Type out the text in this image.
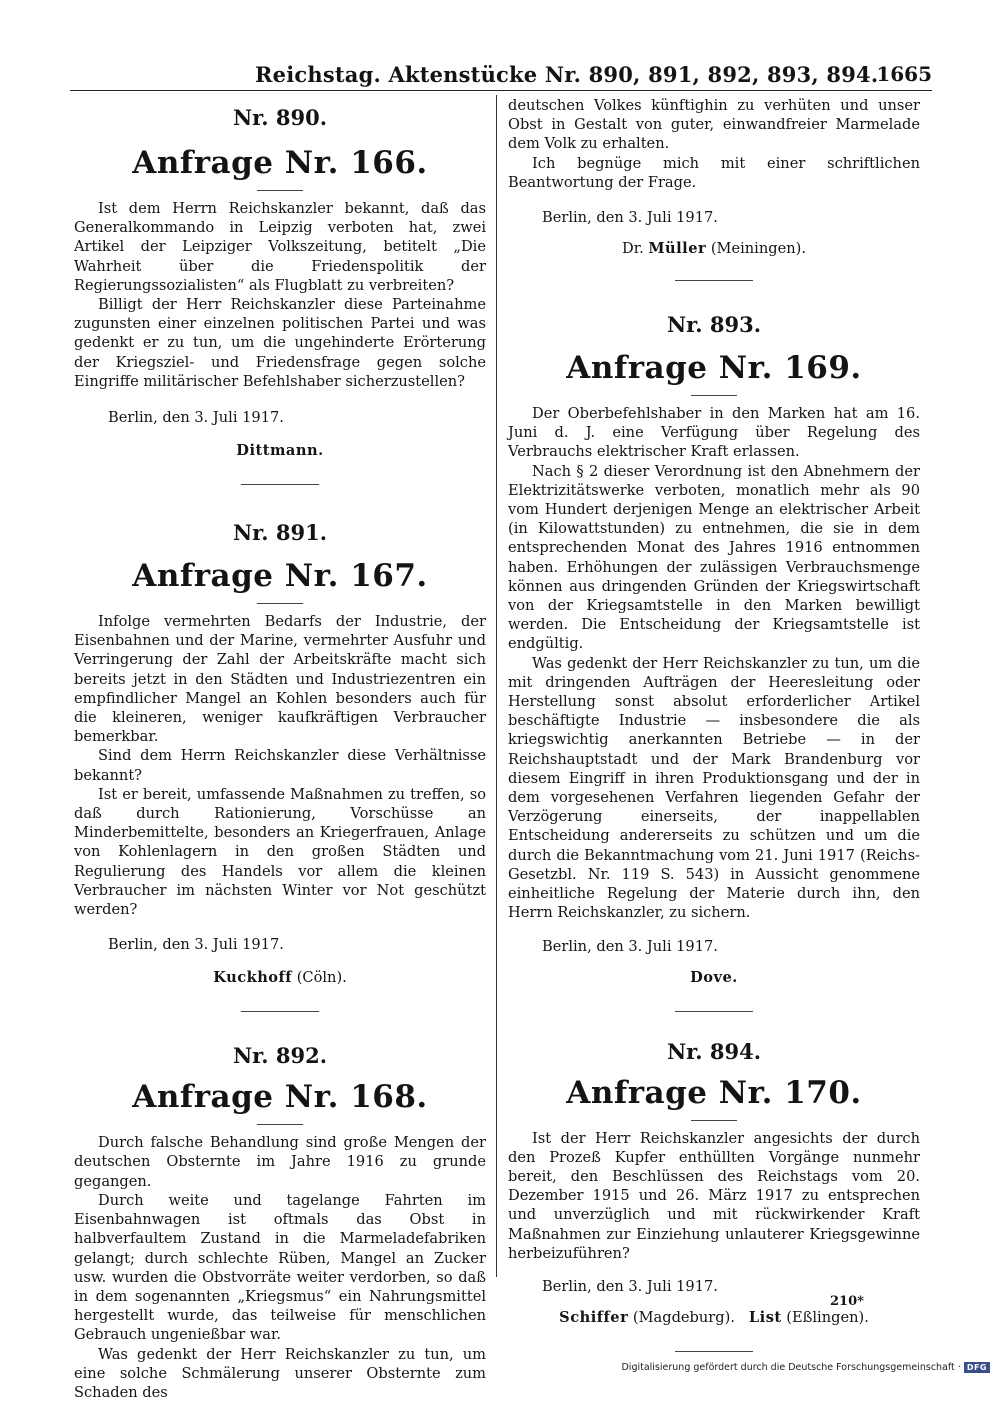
Reichstag. Aktenstücke Nr. 890, 891, 892, 893, 894.
1665
Nr. 890.
Anfrage Nr. 166.

Ist dem Herrn Reichskanzler bekannt, daß das Generalkommando in Leipzig verboten hat, zwei Artikel der Leipziger Volkszeitung, betitelt „Die Wahrheit über die Friedenspolitik der Regierungssozialisten“ als Flugblatt zu verbreiten?

Billigt der Herr Reichskanzler diese Parteinahme zugunsten einer einzelnen politischen Partei und was gedenkt er zu tun, um die ungehinderte Erörterung der Kriegsziel- und Friedensfrage gegen solche Eingriffe militärischer Befehlshaber sicherzustellen?

Berlin, den 3. Juli 1917.
Dittmann.
Nr. 891.
Anfrage Nr. 167.

Infolge vermehrten Bedarfs der Industrie, der Eisenbahnen und der Marine, vermehrter Ausfuhr und Verringerung der Zahl der Arbeitskräfte macht sich bereits jetzt in den Städten und Industriezentren ein empfindlicher Mangel an Kohlen besonders auch für die kleineren, weniger kaufkräftigen Verbraucher bemerkbar.

Sind dem Herrn Reichskanzler diese Verhältnisse bekannt?

Ist er bereit, umfassende Maßnahmen zu treffen, so daß durch Rationierung, Vorschüsse an Minderbemittelte, besonders an Kriegerfrauen, Anlage von Kohlenlagern in den großen Städten und Regulierung des Handels vor allem die kleinen Verbraucher im nächsten Winter vor Not geschützt werden?

Berlin, den 3. Juli 1917.
Kuckhoff (Cöln).
Nr. 892.
Anfrage Nr. 168.

Durch falsche Behandlung sind große Mengen der deutschen Obsternte im Jahre 1916 zu grunde gegangen.

Durch weite und tagelange Fahrten im Eisenbahnwagen ist oftmals das Obst in halbverfaultem Zustand in die Marmeladefabriken gelangt; durch schlechte Rüben, Mangel an Zucker usw. wurden die Obstvorräte weiter verdorben, so daß in dem sogenannten „Kriegsmus“ ein Nahrungsmittel hergestellt wurde, das teilweise für menschlichen Gebrauch ungenießbar war.

Was gedenkt der Herr Reichskanzler zu tun, um eine solche Schmälerung unserer Obsternte zum Schaden des

deutschen Volkes künftighin zu verhüten und unser Obst in Gestalt von guter, einwandfreier Marmelade dem Volk zu erhalten.

Ich begnüge mich mit einer schriftlichen Beantwortung der Frage.

Berlin, den 3. Juli 1917.
Dr. Müller (Meiningen).
Nr. 893.
Anfrage Nr. 169.

Der Oberbefehlshaber in den Marken hat am 16. Juni d. J. eine Verfügung über Regelung des Verbrauchs elektrischer Kraft erlassen.

Nach § 2 dieser Verordnung ist den Abnehmern der Elektrizitätswerke verboten, monatlich mehr als 90 vom Hundert derjenigen Menge an elektrischer Arbeit (in Kilowattstunden) zu entnehmen, die sie in dem entsprechenden Monat des Jahres 1916 entnommen haben. Erhöhungen der zulässigen Verbrauchsmenge können aus dringenden Gründen der Kriegswirtschaft von der Kriegsamtstelle in den Marken bewilligt werden. Die Entscheidung der Kriegsamtstelle ist endgültig.

Was gedenkt der Herr Reichskanzler zu tun, um die mit dringenden Aufträgen der Heeresleitung oder Herstellung sonst absolut erforderlicher Artikel beschäftigte Industrie — insbesondere die als kriegswichtig anerkannten Betriebe — in der Reichshauptstadt und der Mark Brandenburg vor diesem Eingriff in ihren Produktionsgang und der in dem vorgesehenen Verfahren liegenden Gefahr der Verzögerung einerseits, der inappellablen Entscheidung andererseits zu schützen und um die durch die Bekanntmachung vom 21. Juni 1917 (Reichs-Gesetzbl. Nr. 119 S. 543) in Aussicht genommene einheitliche Regelung der Materie durch ihn, den Herrn Reichskanzler, zu sichern.

Berlin, den 3. Juli 1917.
Dove.
Nr. 894.
Anfrage Nr. 170.

Ist der Herr Reichskanzler angesichts der durch den Prozeß Kupfer enthüllten Vorgänge nunmehr bereit, den Beschlüssen des Reichstags vom 20. Dezember 1915 und 26. März 1917 zu entsprechen und unverzüglich und mit rückwirkender Kraft Maßnahmen zur Einziehung unlauterer Kriegsgewinne herbeizuführen?

Berlin, den 3. Juli 1917.
Schiffer (Magdeburg). List (Eßlingen).
210*
Digitalisierung gefördert durch die Deutsche Forschungsgemeinschaft · DFG
